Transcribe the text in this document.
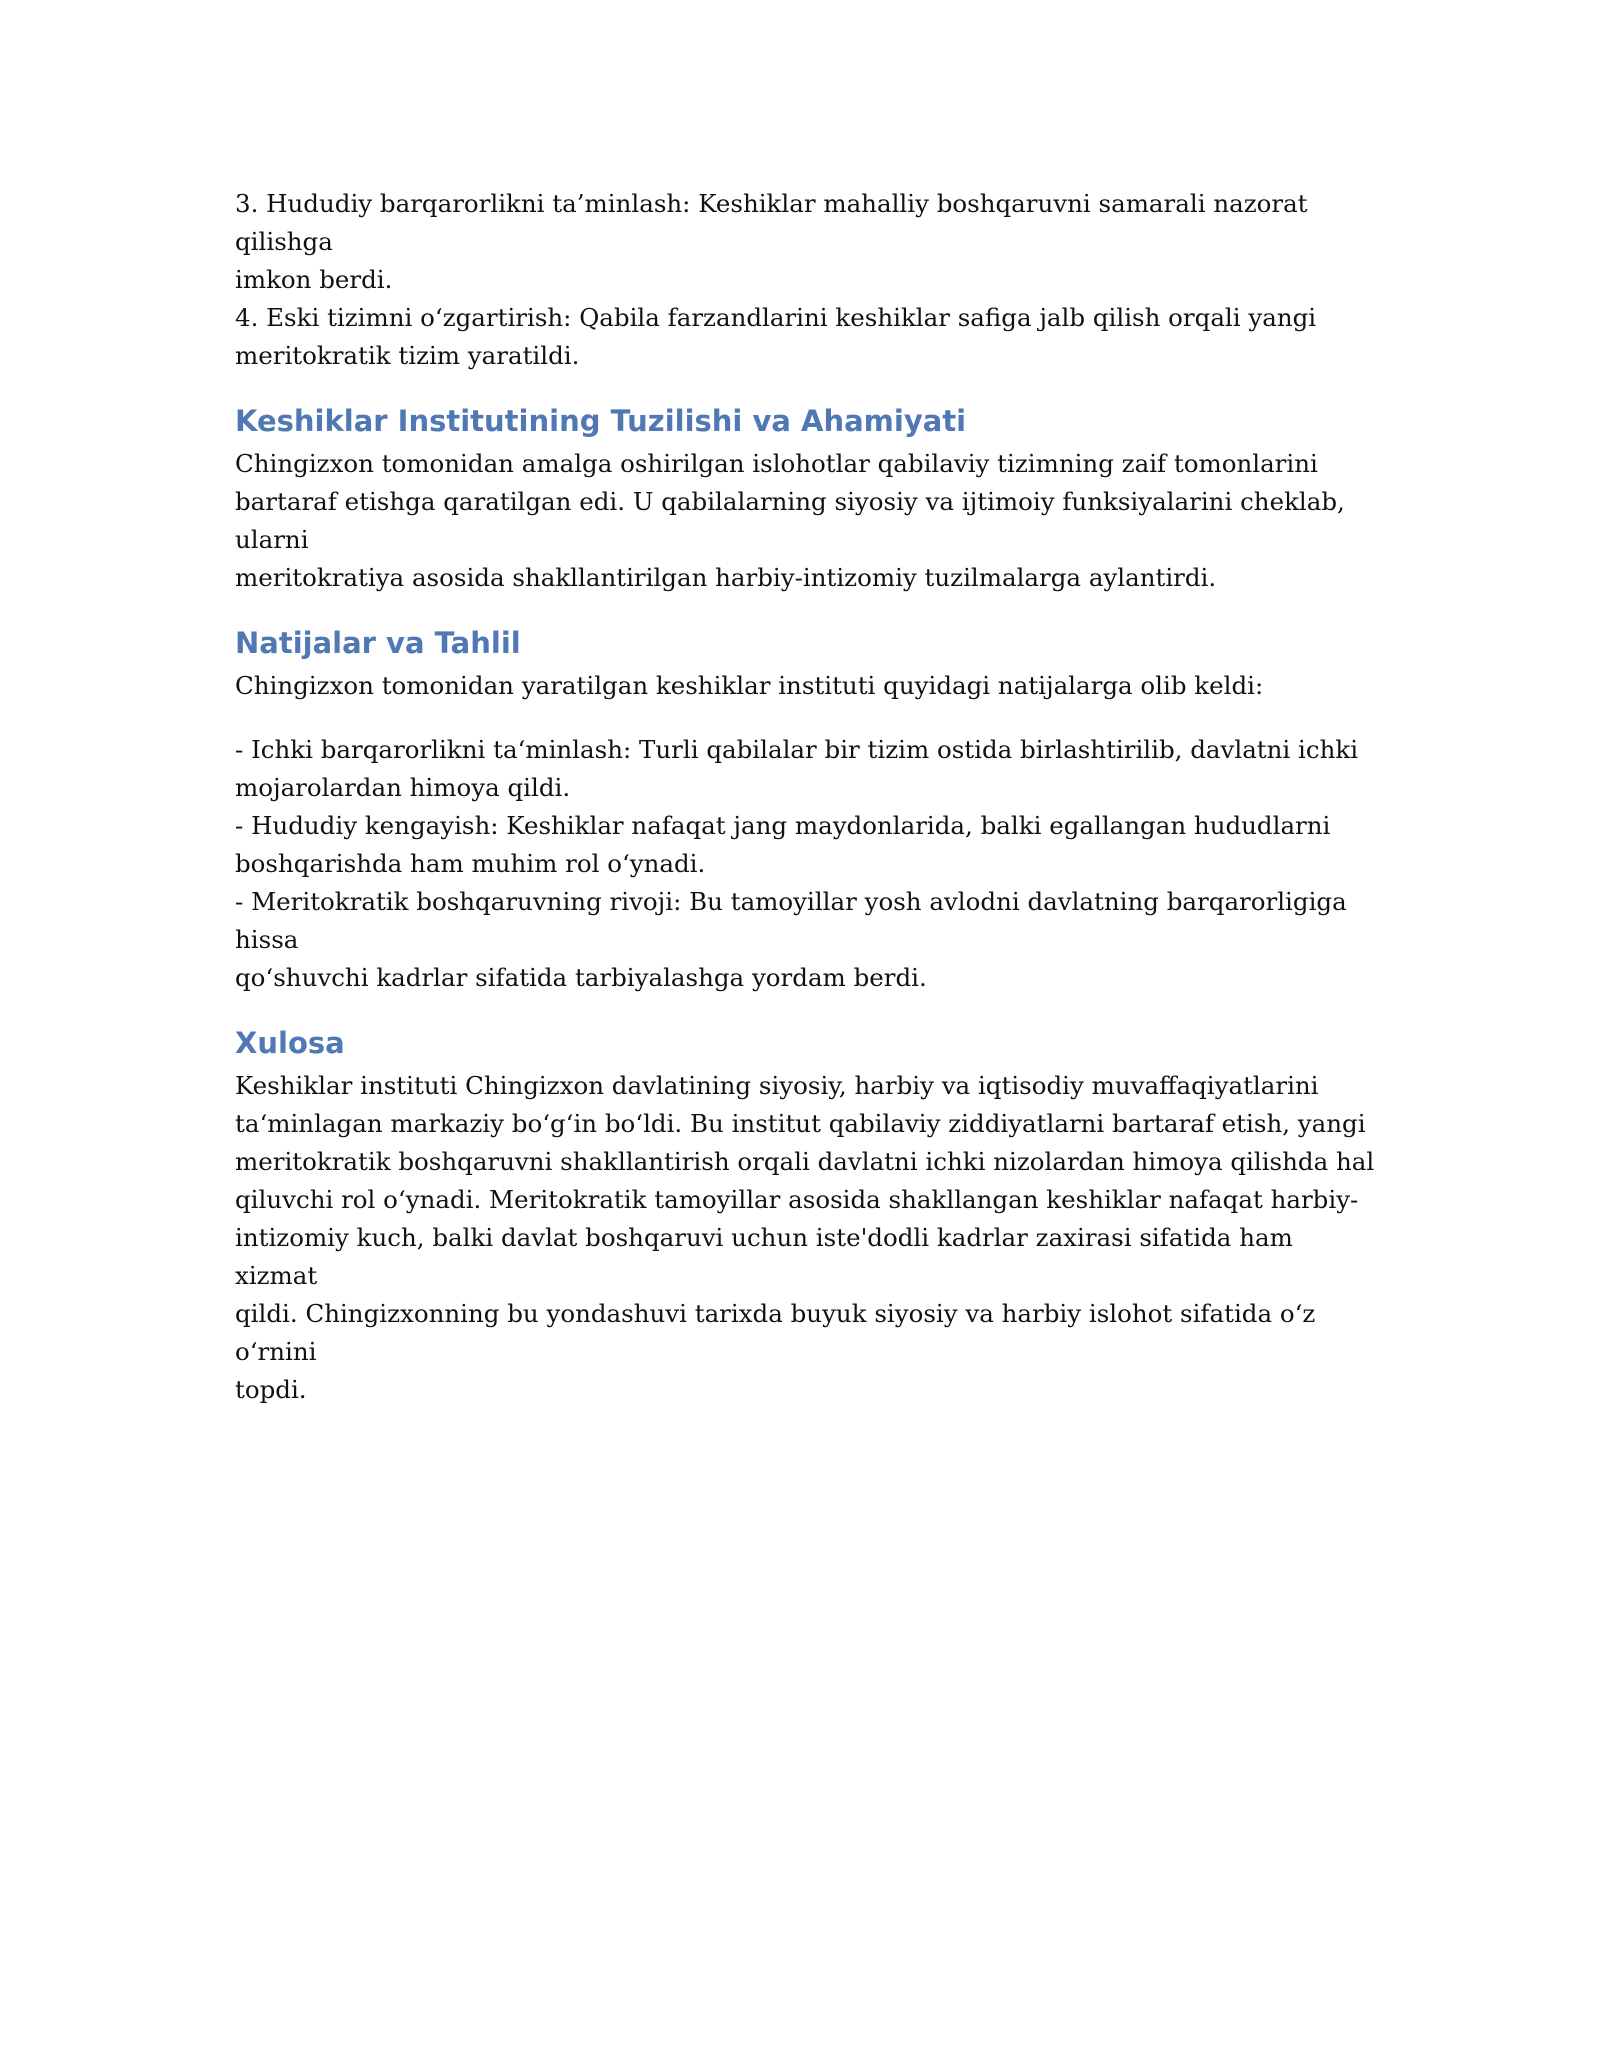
3. Hududiy barqarorlikni ta’minlash: Keshiklar mahalliy boshqaruvni samarali nazorat qilishga
imkon berdi.
4. Eski tizimni o‘zgartirish: Qabila farzandlarini keshiklar safiga jalb qilish orqali yangi
meritokratik tizim yaratildi.
Keshiklar Institutining Tuzilishi va Ahamiyati
Chingizxon tomonidan amalga oshirilgan islohotlar qabilaviy tizimning zaif tomonlarini
bartaraf etishga qaratilgan edi. U qabilalarning siyosiy va ijtimoiy funksiyalarini cheklab, ularni
meritokratiya asosida shakllantirilgan harbiy-intizomiy tuzilmalarga aylantirdi.
Natijalar va Tahlil
Chingizxon tomonidan yaratilgan keshiklar instituti quyidagi natijalarga olib keldi:
- Ichki barqarorlikni ta‘minlash: Turli qabilalar bir tizim ostida birlashtirilib, davlatni ichki
mojarolardan himoya qildi.
- Hududiy kengayish: Keshiklar nafaqat jang maydonlarida, balki egallangan hududlarni
boshqarishda ham muhim rol o‘ynadi.
- Meritokratik boshqaruvning rivoji: Bu tamoyillar yosh avlodni davlatning barqarorligiga hissa
qo‘shuvchi kadrlar sifatida tarbiyalashga yordam berdi.
Xulosa
Keshiklar instituti Chingizxon davlatining siyosiy, harbiy va iqtisodiy muvaffaqiyatlarini
ta‘minlagan markaziy bo‘g‘in bo‘ldi. Bu institut qabilaviy ziddiyatlarni bartaraf etish, yangi
meritokratik boshqaruvni shakllantirish orqali davlatni ichki nizolardan himoya qilishda hal
qiluvchi rol o‘ynadi. Meritokratik tamoyillar asosida shakllangan keshiklar nafaqat harbiy-
intizomiy kuch, balki davlat boshqaruvi uchun iste'dodli kadrlar zaxirasi sifatida ham xizmat
qildi. Chingizxonning bu yondashuvi tarixda buyuk siyosiy va harbiy islohot sifatida o‘z o‘rnini
topdi.
